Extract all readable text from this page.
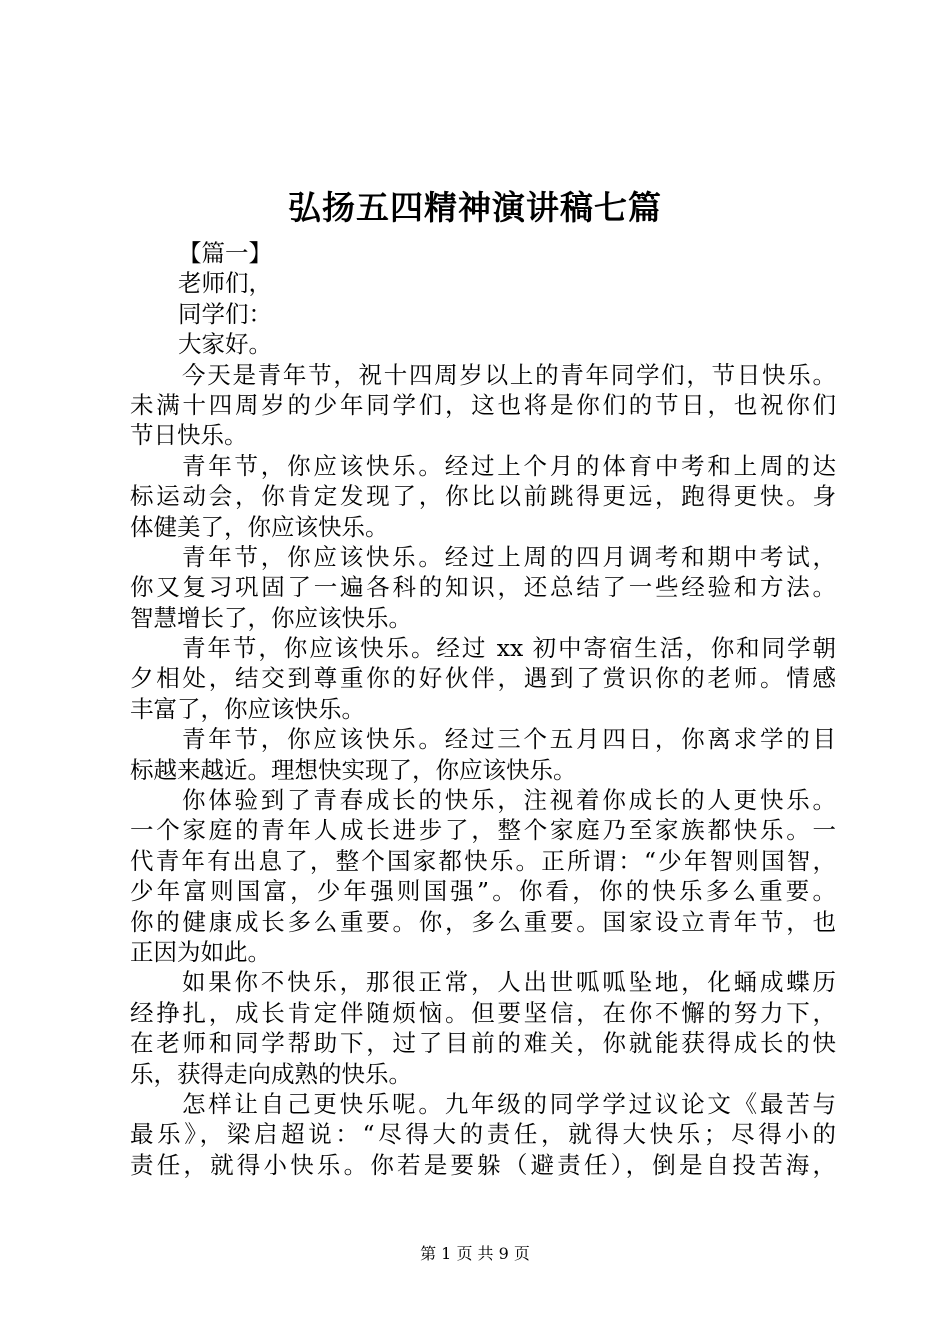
弘扬五四精神演讲稿七篇
【篇一】
老师们，
同学们：
大家好。
今天是青年节，祝十四周岁以上的青年同学们，节日快乐。
未满十四周岁的少年同学们，这也将是你们的节日，也祝你们
节日快乐。
青年节，你应该快乐。经过上个月的体育中考和上周的达
标运动会，你肯定发现了，你比以前跳得更远，跑得更快。身
体健美了，你应该快乐。
青年节，你应该快乐。经过上周的四月调考和期中考试，
你又复习巩固了一遍各科的知识，还总结了一些经验和方法。
智慧增长了，你应该快乐。
青年节，你应该快乐。经过 xx 初中寄宿生活，你和同学朝
夕相处，结交到尊重你的好伙伴，遇到了赏识你的老师。情感
丰富了，你应该快乐。
青年节，你应该快乐。经过三个五月四日，你离求学的目
标越来越近。理想快实现了，你应该快乐。
你体验到了青春成长的快乐，注视着你成长的人更快乐。
一个家庭的青年人成长进步了，整个家庭乃至家族都快乐。一
代青年有出息了，整个国家都快乐。正所谓：“少年智则国智，
少年富则国富，少年强则国强”。你看，你的快乐多么重要。
你的健康成长多么重要。你，多么重要。国家设立青年节，也
正因为如此。
如果你不快乐，那很正常，人出世呱呱坠地，化蛹成蝶历
经挣扎，成长肯定伴随烦恼。但要坚信，在你不懈的努力下，
在老师和同学帮助下，过了目前的难关，你就能获得成长的快
乐，获得走向成熟的快乐。
怎样让自己更快乐呢。九年级的同学学过议论文《最苦与
最乐》，梁启超说：“尽得大的责任，就得大快乐；尽得小的
责任，就得小快乐。你若是要躲（避责任），倒是自投苦海，
第 1 页 共 9 页
